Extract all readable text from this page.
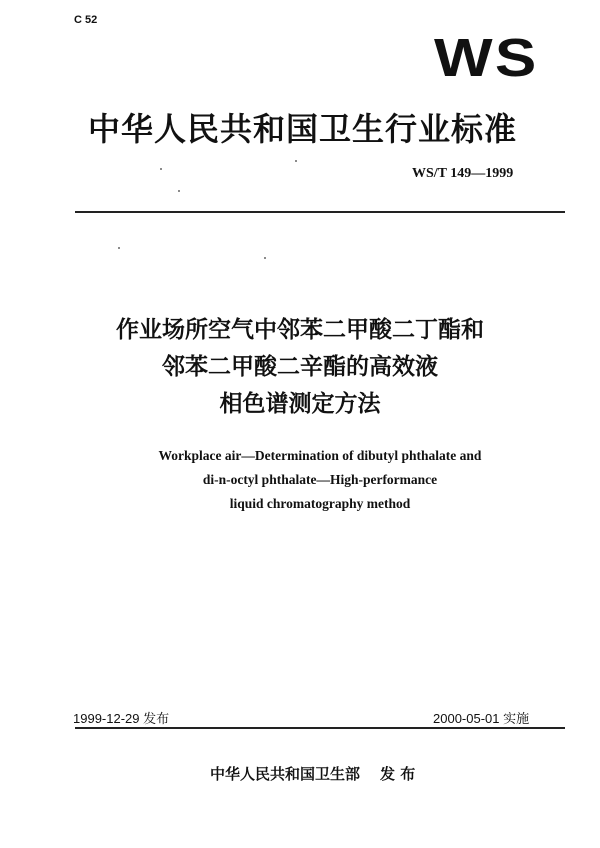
C 52
WS
中华人民共和国卫生行业标准
WS/T 149—1999
作业场所空气中邻苯二甲酸二丁酯和
邻苯二甲酸二辛酯的高效液
相色谱测定方法
Workplace air—Determination of dibutyl phthalate and
di-n-octyl phthalate—High-performance
liquid chromatography method
1999-12-29 发布	2000-05-01 实施
中华人民共和国卫生部 发 布
